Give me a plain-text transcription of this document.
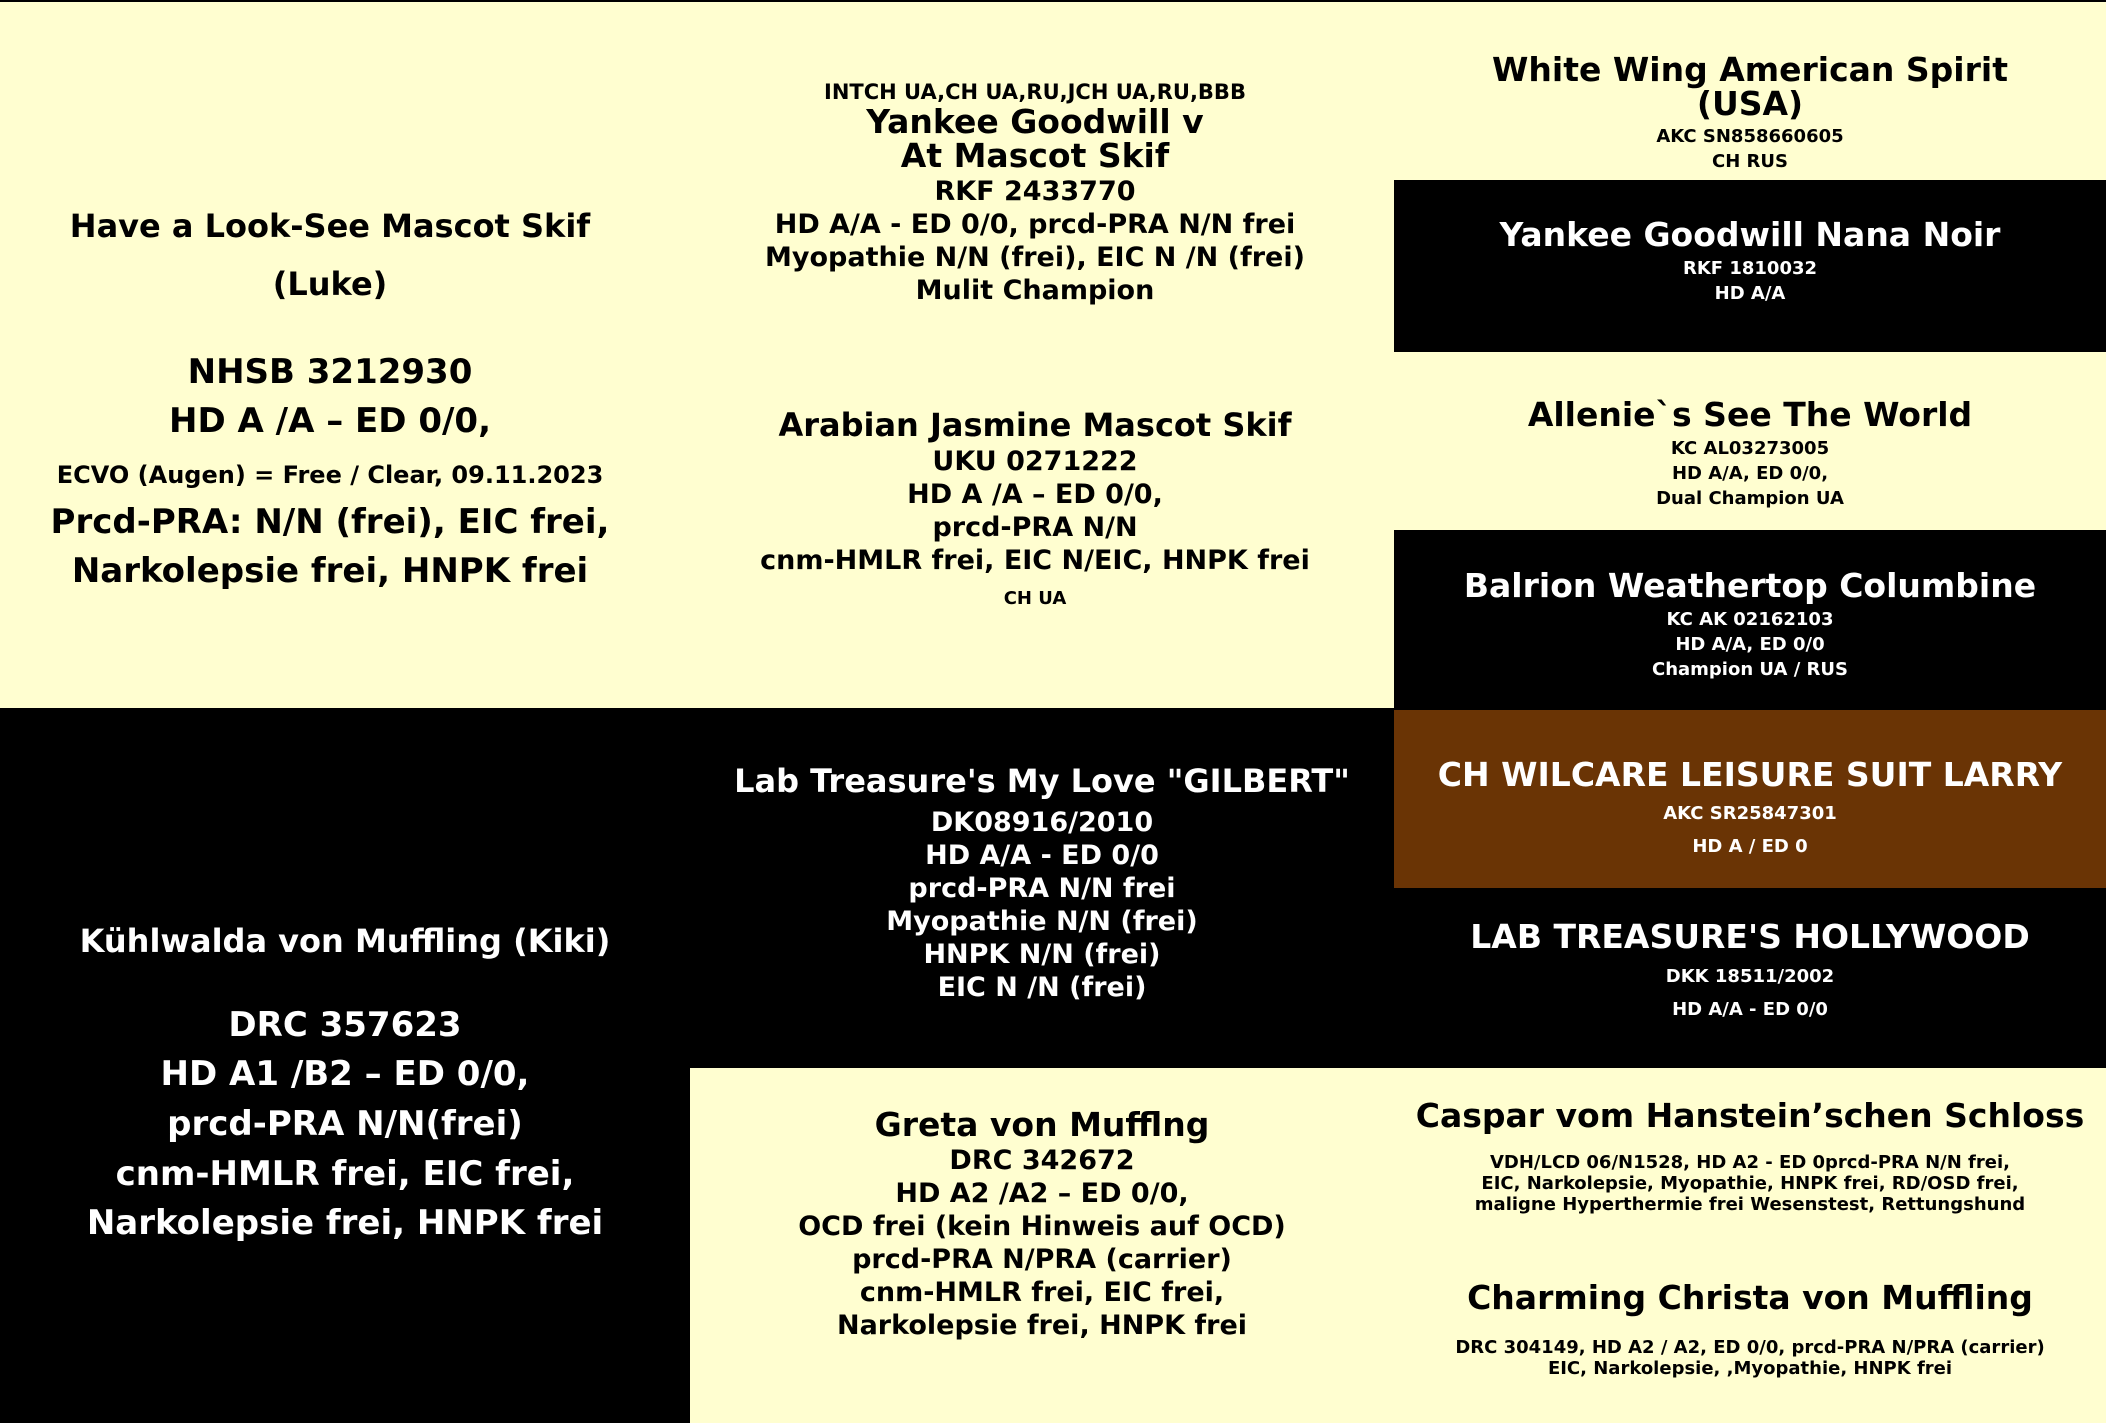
Have a Look-See Mascot Skif
(Luke)
NHSB 3212930
HD A /A – ED 0/0,
ECVO (Augen) = Free / Clear, 09.11.2023
Prcd-PRA: N/N (frei), EIC frei,
Narkolepsie frei, HNPK frei
INTCH UA,CH UA,RU,JCH UA,RU,BBB
Yankee Goodwill v
At Mascot Skif
RKF 2433770
HD A/A - ED 0/0, prcd-PRA N/N frei
Myopathie N/N (frei), EIC N /N (frei)
Mulit Champion
Arabian Jasmine Mascot Skif
UKU 0271222
HD A /A – ED 0/0,
prcd-PRA N/N
cnm-HMLR frei, EIC N/EIC, HNPK frei
CH UA
White Wing American Spirit
(USA)
AKC SN858660605
CH RUS
Yankee Goodwill Nana Noir
RKF 1810032
HD A/A
Allenie`s See The World
KC AL03273005
HD A/A, ED 0/0,
Dual Champion UA
Balrion Weathertop Columbine
KC AK 02162103
HD A/A, ED 0/0
Champion UA / RUS
Kühlwalda von Muffling (Kiki)
DRC 357623
HD A1 /B2 – ED 0/0,
prcd-PRA N/N(frei)
cnm-HMLR frei, EIC frei,
Narkolepsie frei, HNPK frei
Lab Treasure's My Love "GILBERT"
DK08916/2010
HD A/A - ED 0/0
prcd-PRA N/N frei
Myopathie N/N (frei)
HNPK N/N (frei)
EIC N /N (frei)
Greta von Mufflng
DRC 342672
HD A2 /A2 – ED 0/0,
OCD frei (kein Hinweis auf OCD)
prcd-PRA N/PRA (carrier)
cnm-HMLR frei, EIC frei,
Narkolepsie frei, HNPK frei
CH WILCARE LEISURE SUIT LARRY
AKC SR25847301
HD A / ED 0
LAB TREASURE'S HOLLYWOOD
DKK 18511/2002
HD A/A - ED 0/0
Caspar vom Hanstein’schen Schloss
VDH/LCD 06/N1528, HD A2 - ED 0prcd-PRA N/N frei,
EIC, Narkolepsie, Myopathie, HNPK frei, RD/OSD frei,
maligne Hyperthermie frei Wesenstest, Rettungshund
Charming Christa von Muffling
DRC 304149, HD A2 / A2, ED 0/0, prcd-PRA N/PRA (carrier)
EIC, Narkolepsie, ,Myopathie, HNPK frei
